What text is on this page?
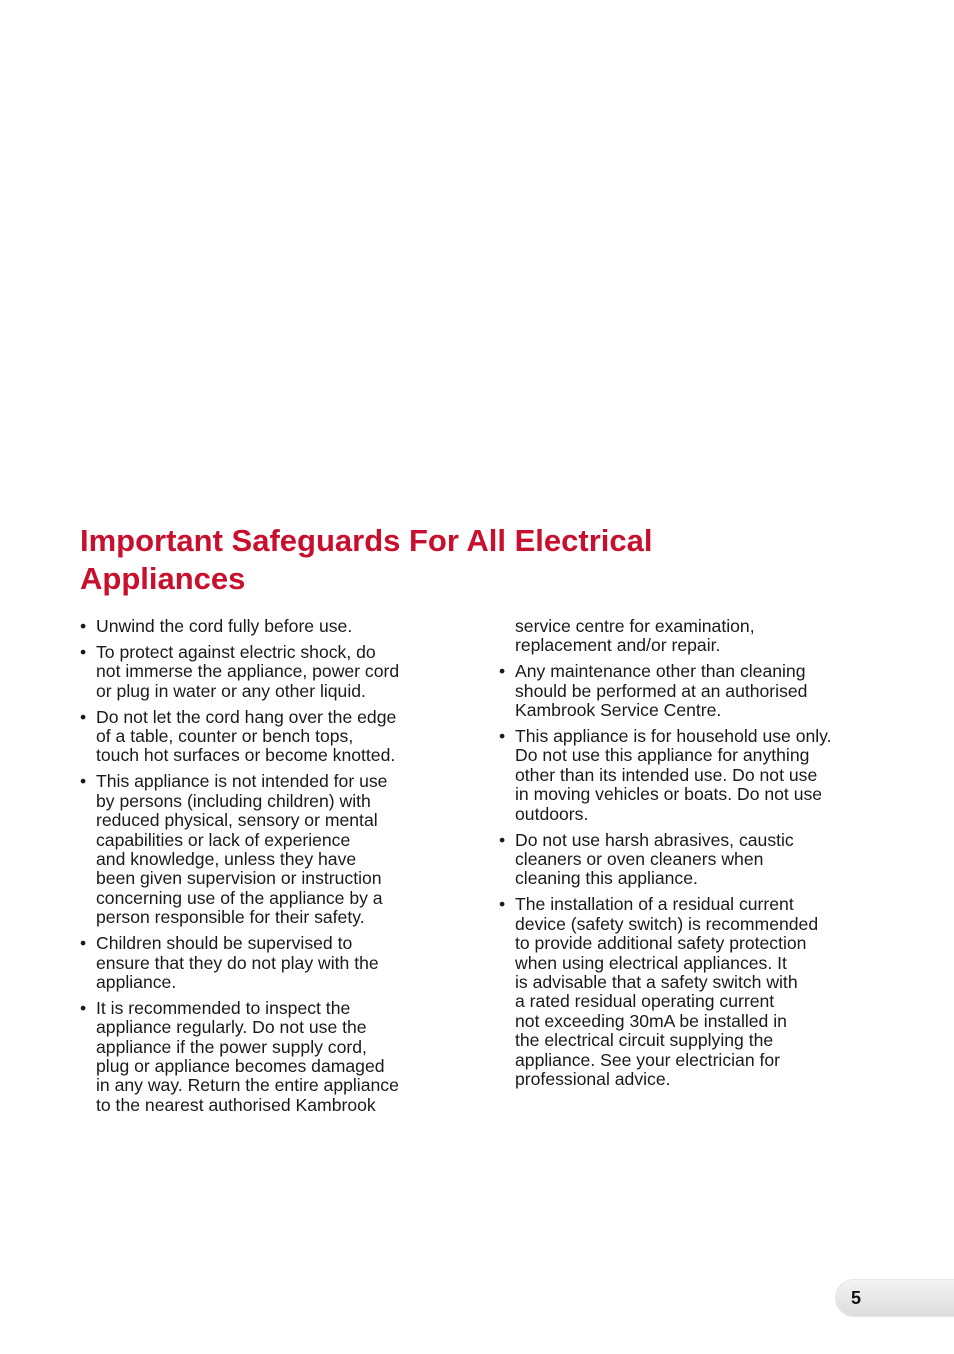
Important Safeguards For All Electrical
Appliances
• Unwind the cord fully before use.
• To protect against electric shock, do
not immerse the appliance, power cord
or plug in water or any other liquid.
• Do not let the cord hang over the edge
of a table, counter or bench tops,
touch hot surfaces or become knotted.
• This appliance is not intended for use
by persons (including children) with
reduced physical, sensory or mental
capabilities or lack of experience
and knowledge, unless they have
been given supervision or instruction
concerning use of the appliance by a
person responsible for their safety.
• Children should be supervised to
ensure that they do not play with the
appliance.
• It is recommended to inspect the
appliance regularly. Do not use the
appliance if the power supply cord,
plug or appliance becomes damaged
in any way. Return the entire appliance
to the nearest authorised Kambrook
service centre for examination,
replacement and/or repair.
• Any maintenance other than cleaning
should be performed at an authorised
Kambrook Service Centre.
• This appliance is for household use only.
Do not use this appliance for anything
other than its intended use. Do not use
in moving vehicles or boats. Do not use
outdoors.
• Do not use harsh abrasives, caustic
cleaners or oven cleaners when
cleaning this appliance.
• The installation of a residual current
device (safety switch) is recommended
to provide additional safety protection
when using electrical appliances. It
is advisable that a safety switch with
a rated residual operating current
not exceeding 30mA be installed in
the electrical circuit supplying the
appliance. See your electrician for
professional advice.
5
